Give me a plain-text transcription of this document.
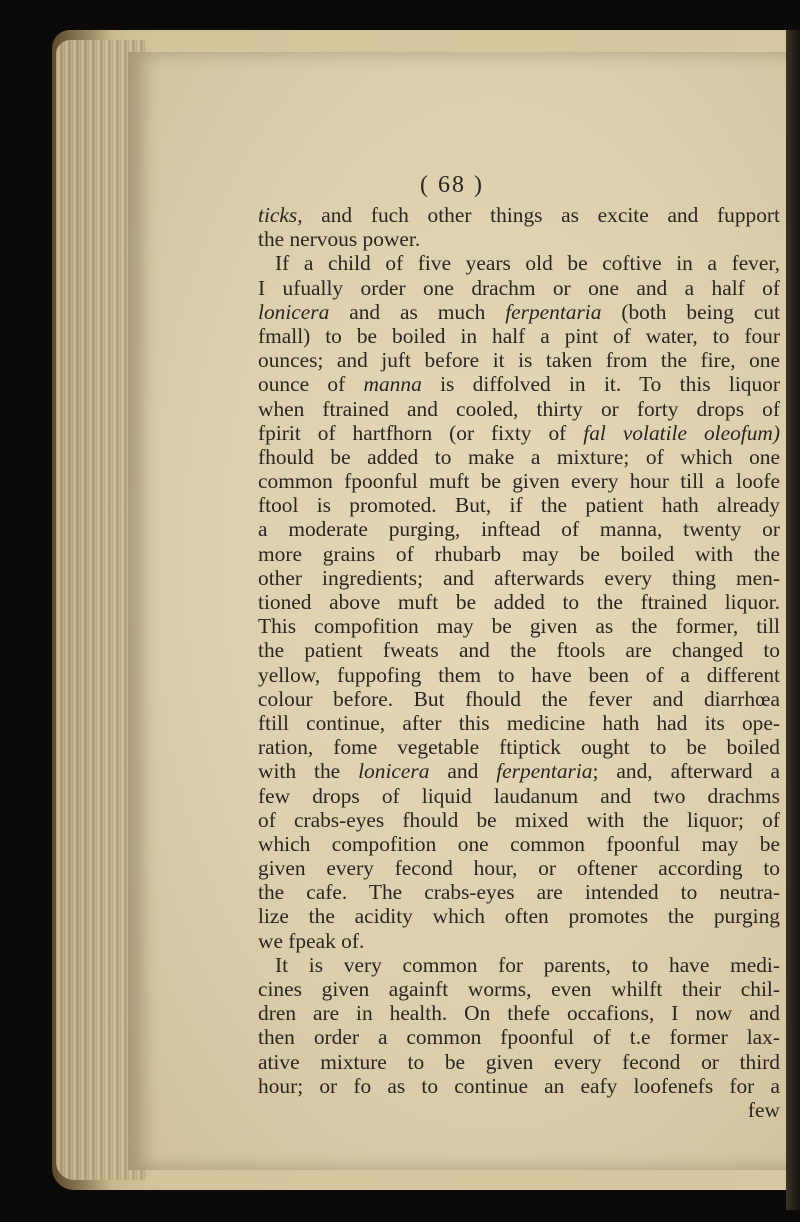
( 68 )
ticks, and fuch other things as excite and fupport
the nervous power.
If a child of five years old be coftive in a fever,
I ufually order one drachm or one and a half of
lonicera and as much ferpentaria (both being cut
fmall) to be boiled in half a pint of water, to four
ounces; and juft before it is taken from the fire, one
ounce of manna is diffolved in it. To this liquor
when ftrained and cooled, thirty or forty drops of
fpirit of hartfhorn (or fixty of fal volatile oleofum)
fhould be added to make a mixture; of which one
common fpoonful muft be given every hour till a loofe
ftool is promoted. But, if the patient hath already
a moderate purging, inftead of manna, twenty or
more grains of rhubarb may be boiled with the
other ingredients; and afterwards every thing men-
tioned above muft be added to the ftrained liquor.
This compofition may be given as the former, till
the patient fweats and the ftools are changed to
yellow, fuppofing them to have been of a different
colour before. But fhould the fever and diarrhœa
ftill continue, after this medicine hath had its ope-
ration, fome vegetable ftiptick ought to be boiled
with the lonicera and ferpentaria; and, afterward a
few drops of liquid laudanum and two drachms
of crabs-eyes fhould be mixed with the liquor; of
which compofition one common fpoonful may be
given every fecond hour, or oftener according to
the cafe. The crabs-eyes are intended to neutra-
lize the acidity which often promotes the purging
we fpeak of.
It is very common for parents, to have medi-
cines given againft worms, even whilft their chil-
dren are in health. On thefe occafions, I now and
then order a common fpoonful of t.e former lax-
ative mixture to be given every fecond or third
hour; or fo as to continue an eafy loofenefs for a
few
